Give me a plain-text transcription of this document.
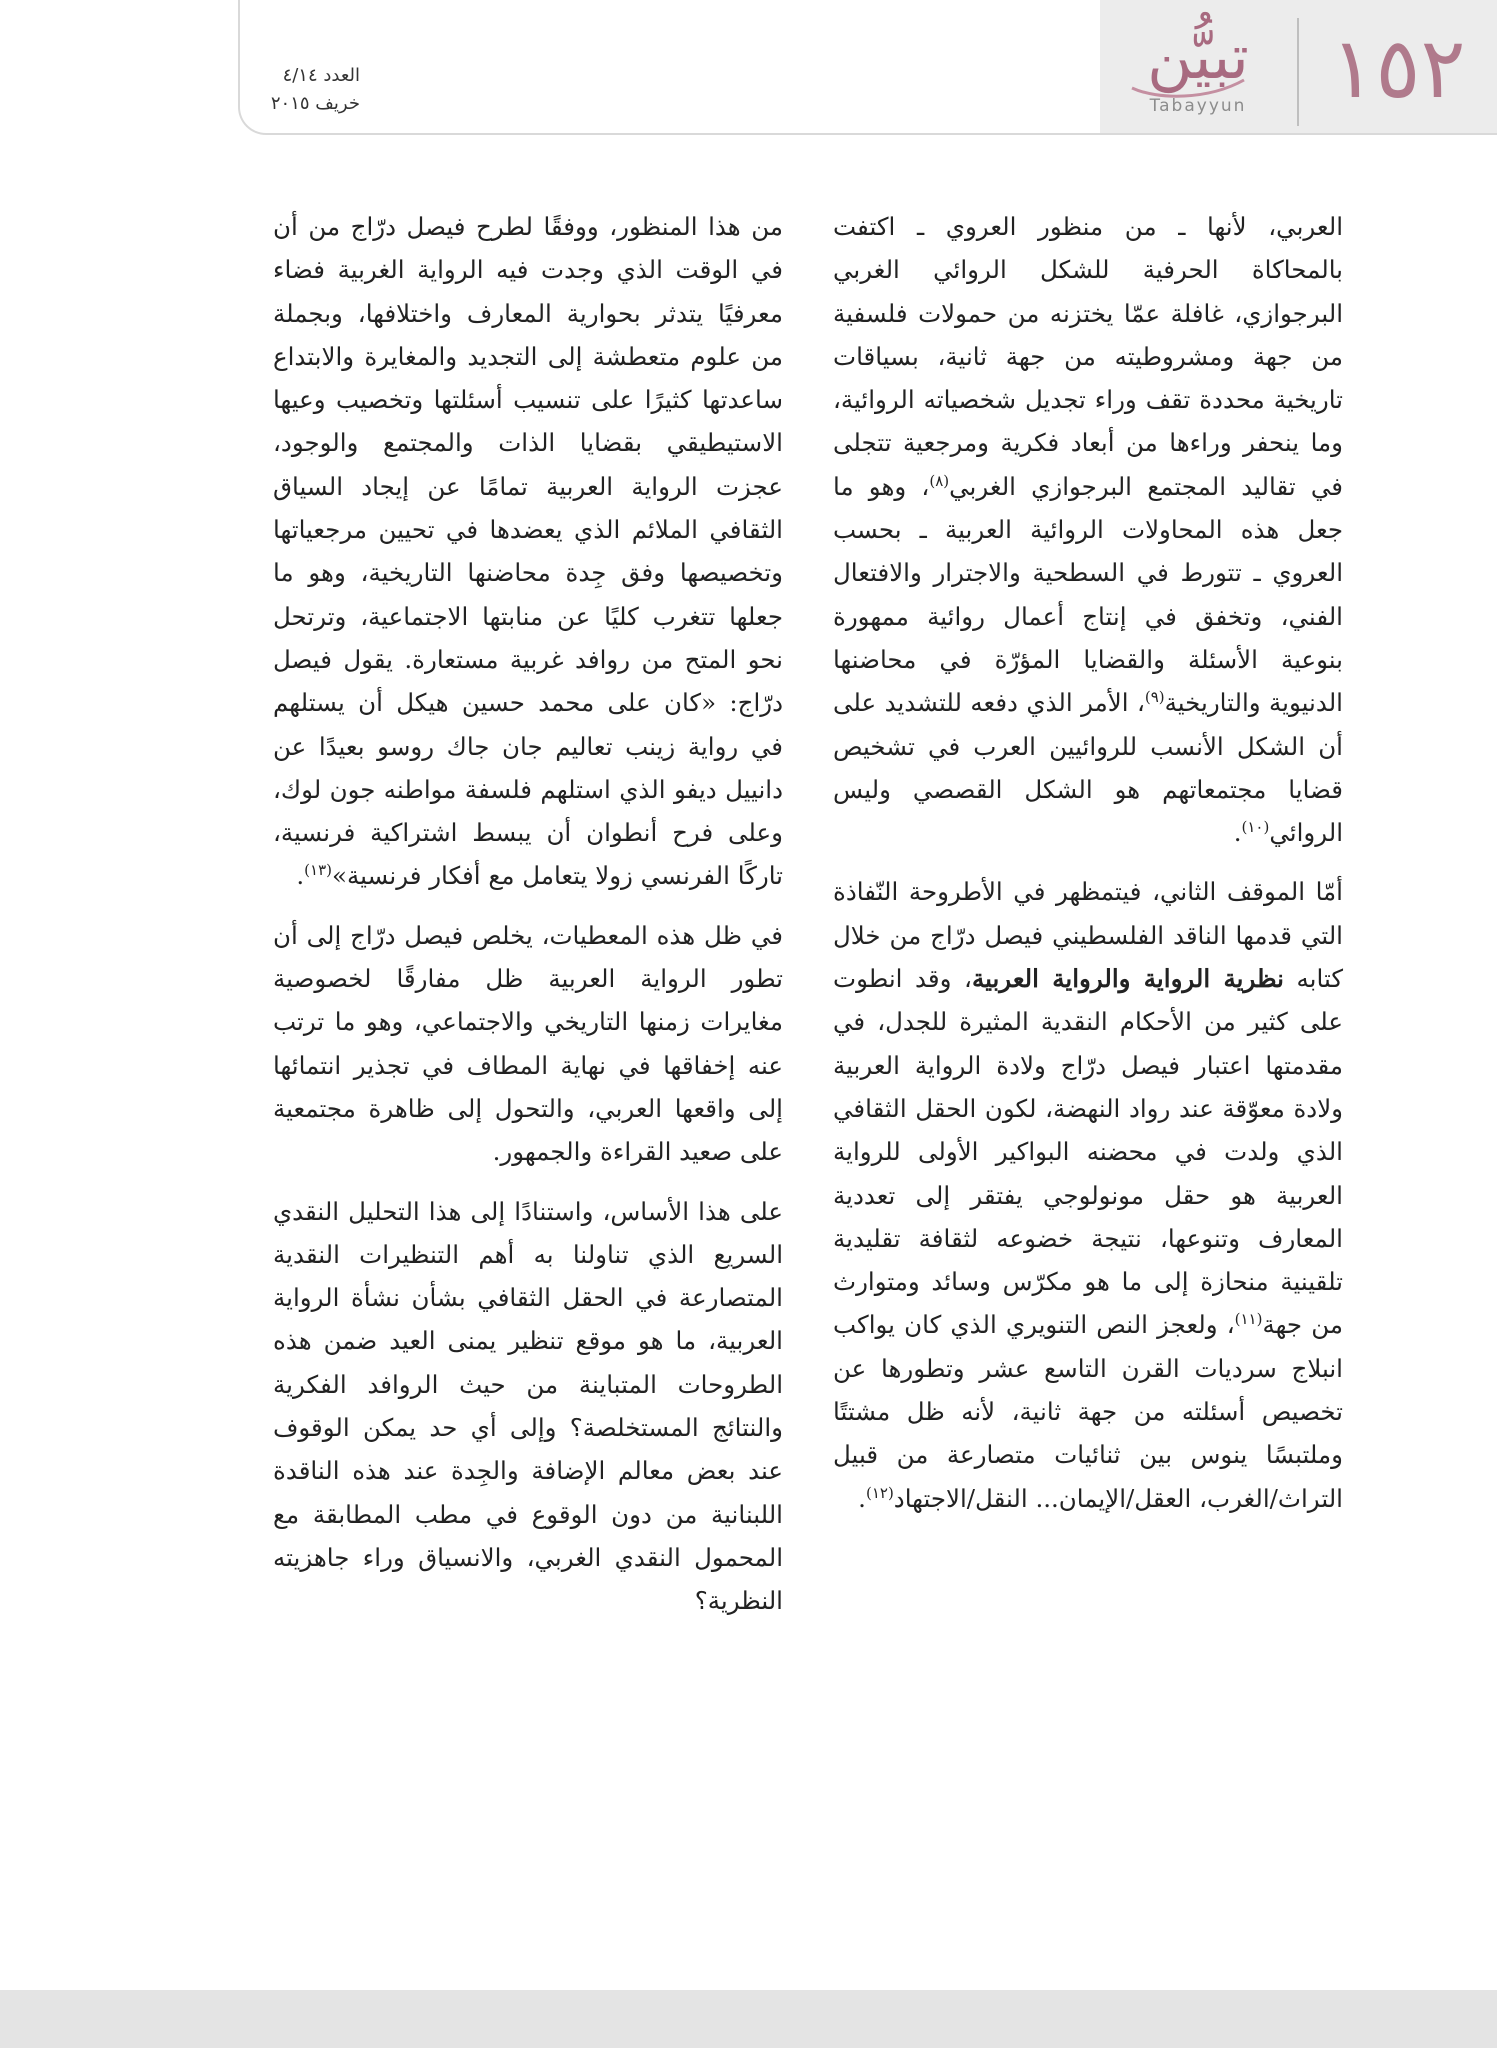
١٥٢
تبيُّن
Tabayyun
العدد ٤/١٤
خريف ٢٠١٥

العربي، لأنها ـ من منظور العروي ـ اكتفت بالمحاكاة الحرفية للشكل الروائي الغربي البرجوازي، غافلة عمّا يختزنه من حمولات فلسفية من جهة ومشروطيته من جهة ثانية، بسياقات تاريخية محددة تقف وراء تجديل شخصياته الروائية، وما ينحفر وراءها من أبعاد فكرية ومرجعية تتجلى في تقاليد المجتمع البرجوازي الغربي$^{(٨)}$، وهو ما جعل هذه المحاولات الروائية العربية ـ بحسب العروي ـ تتورط في السطحية والاجترار والافتعال الفني، وتخفق في إنتاج أعمال روائية ممهورة بنوعية الأسئلة والقضايا المؤرّة في محاضنها الدنيوية والتاريخية$^{(٩)}$، الأمر الذي دفعه للتشديد على أن الشكل الأنسب للروائيين العرب في تشخيص قضايا مجتمعاتهم هو الشكل القصصي وليس الروائي$^{(١٠)}$.

أمّا الموقف الثاني، فيتمظهر في الأطروحة النّفاذة التي قدمها الناقد الفلسطيني فيصل درّاج من خلال كتابه نظرية الرواية والرواية العربية، وقد انطوت على كثير من الأحكام النقدية المثيرة للجدل، في مقدمتها اعتبار فيصل درّاج ولادة الرواية العربية ولادة معوّقة عند رواد النهضة، لكون الحقل الثقافي الذي ولدت في محضنه البواكير الأولى للرواية العربية هو حقل مونولوجي يفتقر إلى تعددية المعارف وتنوعها، نتيجة خضوعه لثقافة تقليدية تلقينية منحازة إلى ما هو مكرّس وسائد ومتوارث من جهة$^{(١١)}$، ولعجز النص التنويري الذي كان يواكب انبلاج سرديات القرن التاسع عشر وتطورها عن تخصيص أسئلته من جهة ثانية، لأنه ظل مشتتًا وملتبسًا ينوس بين ثنائيات متصارعة من قبيل التراث/الغرب، العقل/الإيمان... النقل/الاجتهاد$^{(١٢)}$.

من هذا المنظور، ووفقًا لطرح فيصل درّاج من أن في الوقت الذي وجدت فيه الرواية الغربية فضاء معرفيًا يتدثر بحوارية المعارف واختلافها، وبجملة من علوم متعطشة إلى التجديد والمغايرة والابتداع ساعدتها كثيرًا على تنسيب أسئلتها وتخصيب وعيها الاستيطيقي بقضايا الذات والمجتمع والوجود، عجزت الرواية العربية تمامًا عن إيجاد السياق الثقافي الملائم الذي يعضدها في تحيين مرجعياتها وتخصيصها وفق جِدة محاضنها التاريخية، وهو ما جعلها تتغرب كليًا عن منابتها الاجتماعية، وترتحل نحو المتح من روافد غربية مستعارة. يقول فيصل درّاج: «كان على محمد حسين هيكل أن يستلهم في رواية زينب تعاليم جان جاك روسو بعيدًا عن دانييل ديفو الذي استلهم فلسفة مواطنه جون لوك، وعلى فرح أنطوان أن يبسط اشتراكية فرنسية، تاركًا الفرنسي زولا يتعامل مع أفكار فرنسية»$^{(١٣)}$.

في ظل هذه المعطيات، يخلص فيصل درّاج إلى أن تطور الرواية العربية ظل مفارقًا لخصوصية مغايرات زمنها التاريخي والاجتماعي، وهو ما ترتب عنه إخفاقها في نهاية المطاف في تجذير انتمائها إلى واقعها العربي، والتحول إلى ظاهرة مجتمعية على صعيد القراءة والجمهور.

على هذا الأساس، واستنادًا إلى هذا التحليل النقدي السريع الذي تناولنا به أهم التنظيرات النقدية المتصارعة في الحقل الثقافي بشأن نشأة الرواية العربية، ما هو موقع تنظير يمنى العيد ضمن هذه الطروحات المتباينة من حيث الروافد الفكرية والنتائج المستخلصة؟ وإلى أي حد يمكن الوقوف عند بعض معالم الإضافة والجِدة عند هذه الناقدة اللبنانية من دون الوقوع في مطب المطابقة مع المحمول النقدي الغربي، والانسياق وراء جاهزيته النظرية؟
